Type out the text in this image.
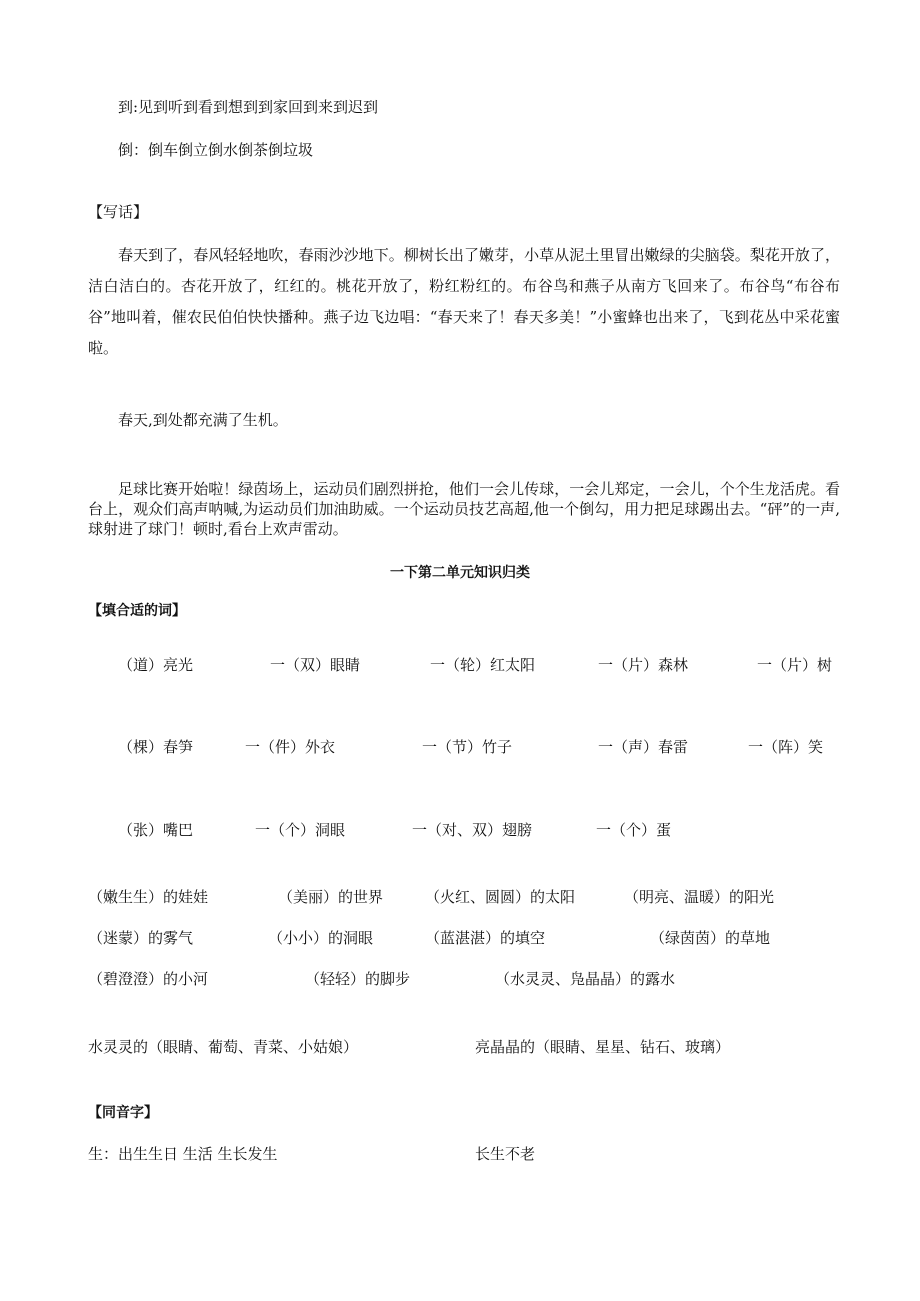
到:见到听到看到想到到家回到来到迟到

倒：倒车倒立倒水倒茶倒垃圾

【写话】

春天到了，春风轻轻地吹，春雨沙沙地下。柳树长出了嫩芽，小草从泥土里冒出嫩绿的尖脑袋。梨花开放了，洁白洁白的。杏花开放了，红红的。桃花开放了，粉红粉红的。布谷鸟和燕子从南方飞回来了。布谷鸟“布谷布谷”地叫着，催农民伯伯快快播种。燕子边飞边唱：“春天来了！春天多美！”小蜜蜂也出来了，飞到花丛中采花蜜啦。

春天,到处都充满了生机。

足球比赛开始啦！绿茵场上，运动员们剧烈拼抢，他们一会儿传球，一会儿郑定，一会儿，个个生龙活虎。看台上，观众们高声呐喊,为运动员们加油助威。一个运动员技艺高超,他一个倒勾，用力把足球踢出去。“砰”的一声,球射进了球门！顿时,看台上欢声雷动。

一下第二单元知识归类

【填合适的词】

（道）亮光	一（双）眼睛	一（轮）红太阳	一（片）森林	一（片）树

（棵）春笋	一（件）外衣	一（节）竹子	一（声）春雷	一（阵）笑

（张）嘴巴	一（个）洞眼	一（对、双）翅膀	一（个）蛋

（嫩生生）的娃娃	（美丽）的世界	（火红、圆圆）的太阳	（明亮、温暖）的阳光

（迷蒙）的雾气	（小小）的洞眼	（蓝湛湛）的填空	（绿茵茵）的草地

（碧澄澄）的小河	（轻轻）的脚步	（水灵灵、凫晶晶）的露水

水灵灵的（眼睛、葡萄、青菜、小姑娘）	亮晶晶的（眼睛、星星、钻石、玻璃）

【同音字】

生：出生生日 生活 生长发生	长生不老
